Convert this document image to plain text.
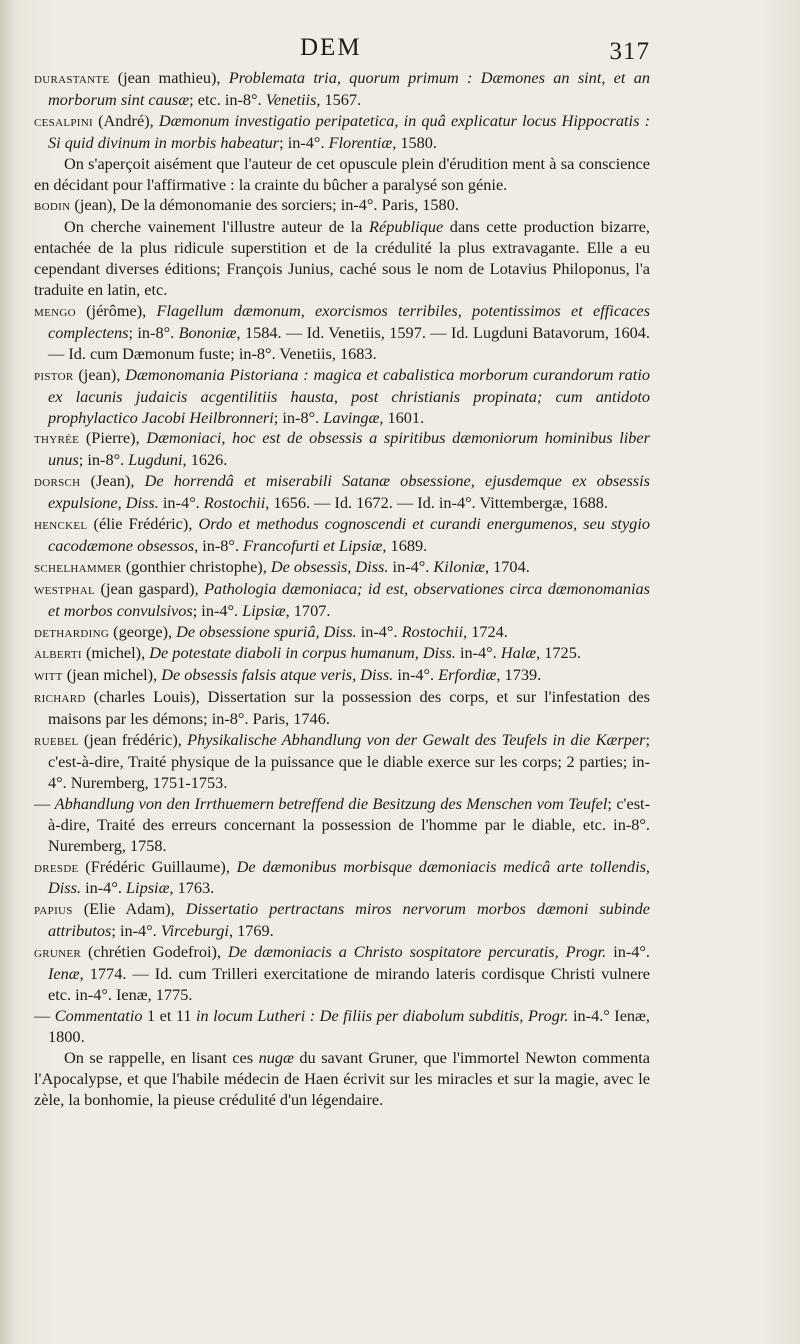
DEM	317

durastante (jean mathieu), Problemata tria, quorum primum : Dæmones an sint, et an morborum sint causæ; etc. in-8°. Venetiis, 1567.

cesalpini (André), Dæmonum investigatio peripatetica, in quâ explicatur locus Hippocratis : Si quid divinum in morbis habeatur; in-4°. Florentiæ, 1580.

On s'aperçoit aisément que l'auteur de cet opuscule plein d'érudition ment à sa conscience en décidant pour l'affirmative : la crainte du bûcher a paralysé son génie.

bodin (jean), De la démonomanie des sorciers; in-4°. Paris, 1580.

On cherche vainement l'illustre auteur de la République dans cette production bizarre, entachée de la plus ridicule superstition et de la crédulité la plus extravagante. Elle a eu cependant diverses éditions; François Junius, caché sous le nom de Lotavius Philoponus, l'a traduite en latin, etc.

mengo (jérôme), Flagellum dæmonum, exorcismos terribiles, potentissimos et efficaces complectens; in-8°. Bononiæ, 1584. — Id. Venetiis, 1597. — Id. Lugduni Batavorum, 1604. — Id. cum Dæmonum fuste; in-8°. Venetiis, 1683.

pistor (jean), Dæmonomania Pistoriana : magica et cabalistica morborum curandorum ratio ex lacunis judaicis acgentilitiis hausta, post christianis propinata; cum antidoto prophylactico Jacobi Heilbronneri; in-8°. Lavingæ, 1601.

thyrée (Pierre), Dæmoniaci, hoc est de obsessis a spiritibus dæmoniorum hominibus liber unus; in-8°. Lugduni, 1626.

dorsch (Jean), De horrendâ et miserabili Satanæ obsessione, ejusdemque ex obsessis expulsione, Diss. in-4°. Rostochii, 1656. — Id. 1672. — Id. in-4°. Vittembergæ, 1688.

henckel (élie Frédéric), Ordo et methodus cognoscendi et curandi energumenos, seu stygio cacodæmone obsessos, in-8°. Francofurti et Lipsiæ, 1689.

schelhammer (gonthier christophe), De obsessis, Diss. in-4°. Kiloniæ, 1704.

westphal (jean gaspard), Pathologia dæmoniaca; id est, observationes circa dæmonomanias et morbos convulsivos; in-4°. Lipsiæ, 1707.

detharding (george), De obsessione spuriâ, Diss. in-4°. Rostochii, 1724.

alberti (michel), De potestate diaboli in corpus humanum, Diss. in-4°. Halæ, 1725.

witt (jean michel), De obsessis falsis atque veris, Diss. in-4°. Erfordiæ, 1739.

richard (charles Louis), Dissertation sur la possession des corps, et sur l'infestation des maisons par les démons; in-8°. Paris, 1746.

ruebel (jean frédéric), Physikalische Abhandlung von der Gewalt des Teufels in die Kærper; c'est-à-dire, Traité physique de la puissance que le diable exerce sur les corps; 2 parties; in-4°. Nuremberg, 1751-1753.

— Abhandlung von den Irrthuemern betreffend die Besitzung des Menschen vom Teufel; c'est-à-dire, Traité des erreurs concernant la possession de l'homme par le diable, etc. in-8°. Nuremberg, 1758.

dresde (Frédéric Guillaume), De dæmonibus morbisque dæmoniacis medicâ arte tollendis, Diss. in-4°. Lipsiæ, 1763.

papius (Elie Adam), Dissertatio pertractans miros nervorum morbos dæmoni subinde attributos; in-4°. Virceburgi, 1769.

gruner (chrétien Godefroi), De dæmoniacis a Christo sospitatore percuratis, Progr. in-4°. Ienæ, 1774. — Id. cum Trilleri exercitatione de mirando lateris cordisque Christi vulnere etc. in-4°. Ienæ, 1775.

— Commentatio 1 et 11 in locum Lutheri : De filiis per diabolum subditis, Progr. in-4.° Ienæ, 1800.

On se rappelle, en lisant ces nugæ du savant Gruner, que l'immortel Newton commenta l'Apocalypse, et que l'habile médecin de Haen écrivit sur les miracles et sur la magie, avec le zèle, la bonhomie, la pieuse crédulité d'un légendaire.
